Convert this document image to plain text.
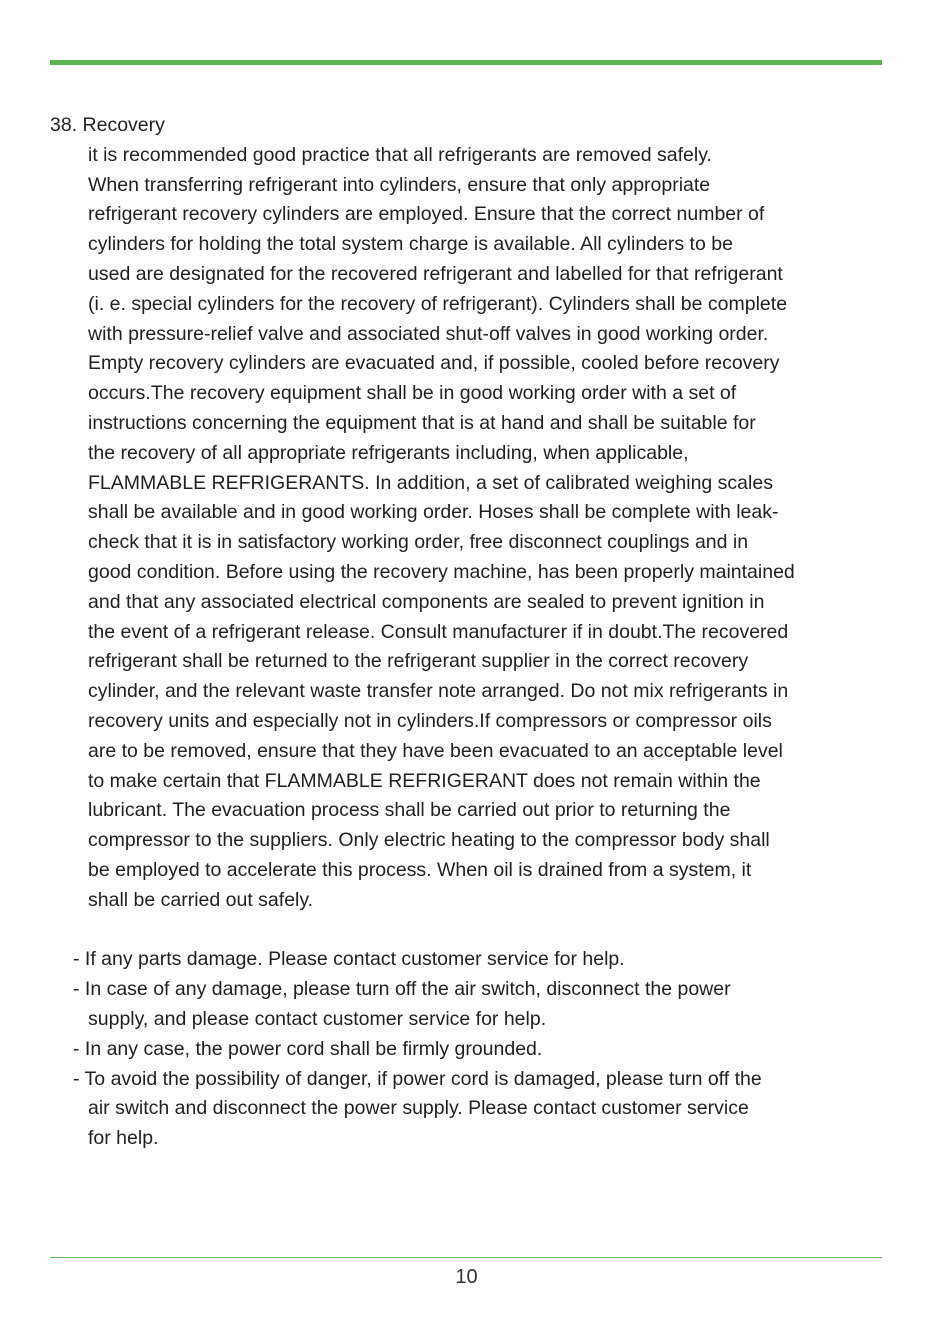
38. Recovery
it is recommended good practice that all refrigerants are removed safely.
When transferring refrigerant into cylinders, ensure that only appropriate
refrigerant recovery cylinders are employed. Ensure that the correct number of
cylinders for holding the total system charge is available. All cylinders to be
used are designated for the recovered refrigerant and labelled for that refrigerant
(i. e. special cylinders for the recovery of refrigerant). Cylinders shall be complete
with pressure-relief valve and associated shut-off valves in good working order.
Empty recovery cylinders are evacuated and, if possible, cooled before recovery
occurs.The recovery equipment shall be in good working order with a set of
instructions concerning the equipment that is at hand and shall be suitable for
the recovery of all appropriate refrigerants including, when applicable,
FLAMMABLE REFRIGERANTS. In addition, a set of calibrated weighing scales
shall be available and in good working order. Hoses shall be complete with leak-
check that it is in satisfactory working order, free disconnect couplings and in
good condition. Before using the recovery machine, has been properly maintained
and that any associated electrical components are sealed to prevent ignition in
the event of a refrigerant release. Consult manufacturer if in doubt.The recovered
refrigerant shall be returned to the refrigerant supplier in the correct recovery
cylinder, and the relevant waste transfer note arranged. Do not mix refrigerants in
recovery units and especially not in cylinders.If compressors or compressor oils
are to be removed, ensure that they have been evacuated to an acceptable level
to make certain that FLAMMABLE REFRIGERANT does not remain within the
lubricant. The evacuation process shall be carried out prior to returning the
compressor to the suppliers. Only electric heating to the compressor body shall
be employed to accelerate this process. When oil is drained from a system, it
shall be carried out safely.
- If any parts damage. Please contact customer service for help.
- In case of any damage, please turn off the air switch, disconnect the power
supply, and please contact customer service for help.
- In any case, the power cord shall be firmly grounded.
- To avoid the possibility of danger, if power cord is damaged, please turn off the
air switch and disconnect the power supply. Please contact customer service
for help.
10
